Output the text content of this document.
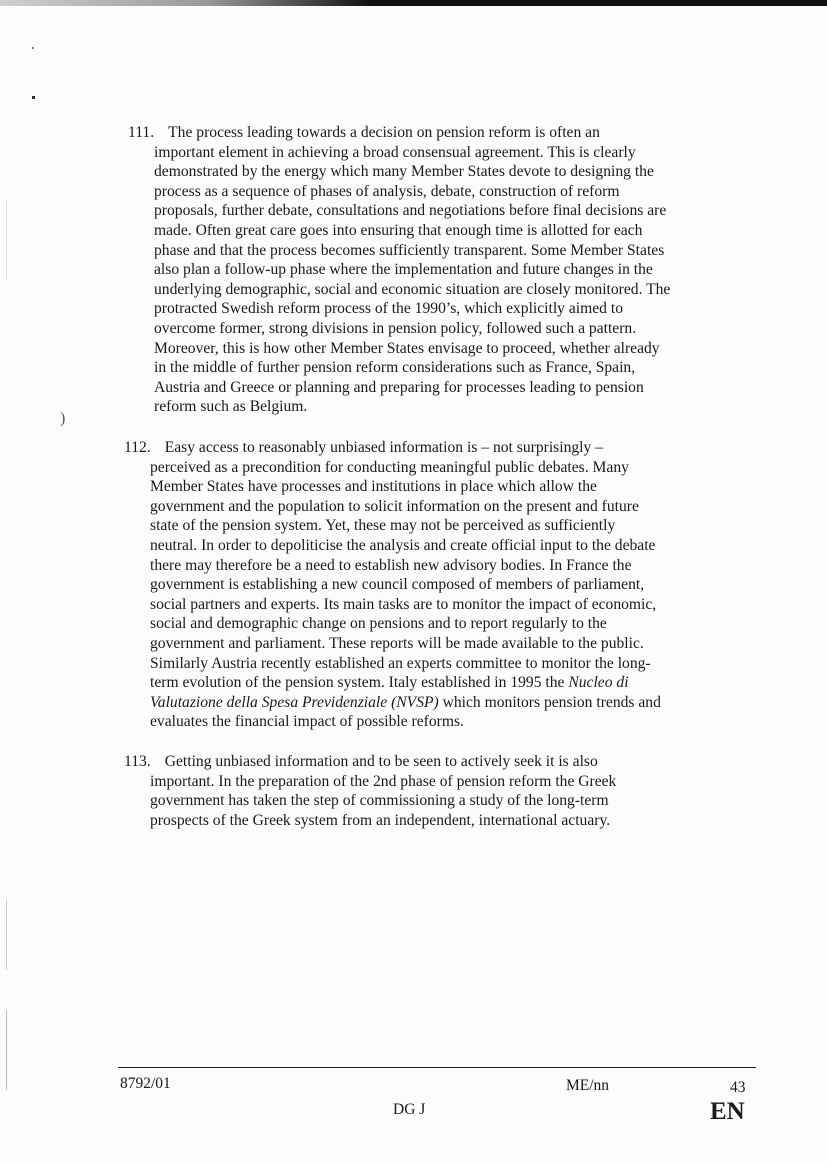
)
111. The process leading towards a decision on pension reform is often an
important element in achieving a broad consensual agreement. This is clearly
demonstrated by the energy which many Member States devote to designing the
process as a sequence of phases of analysis, debate, construction of reform
proposals, further debate, consultations and negotiations before final decisions are
made. Often great care goes into ensuring that enough time is allotted for each
phase and that the process becomes sufficiently transparent. Some Member States
also plan a follow-up phase where the implementation and future changes in the
underlying demographic, social and economic situation are closely monitored. The
protracted Swedish reform process of the 1990’s, which explicitly aimed to
overcome former, strong divisions in pension policy, followed such a pattern.
Moreover, this is how other Member States envisage to proceed, whether already
in the middle of further pension reform considerations such as France, Spain,
Austria and Greece or planning and preparing for processes leading to pension
reform such as Belgium.
112. Easy access to reasonably unbiased information is – not surprisingly –
perceived as a precondition for conducting meaningful public debates. Many
Member States have processes and institutions in place which allow the
government and the population to solicit information on the present and future
state of the pension system. Yet, these may not be perceived as sufficiently
neutral. In order to depoliticise the analysis and create official input to the debate
there may therefore be a need to establish new advisory bodies. In France the
government is establishing a new council composed of members of parliament,
social partners and experts. Its main tasks are to monitor the impact of economic,
social and demographic change on pensions and to report regularly to the
government and parliament. These reports will be made available to the public.
Similarly Austria recently established an experts committee to monitor the long-
term evolution of the pension system. Italy established in 1995 the Nucleo di
Valutazione della Spesa Previdenziale (NVSP) which monitors pension trends and
evaluates the financial impact of possible reforms.
113. Getting unbiased information and to be seen to actively seek it is also
important. In the preparation of the 2nd phase of pension reform the Greek
government has taken the step of commissioning a study of the long-term
prospects of the Greek system from an independent, international actuary.
8792/01	ME/nn	43
DG J	EN
